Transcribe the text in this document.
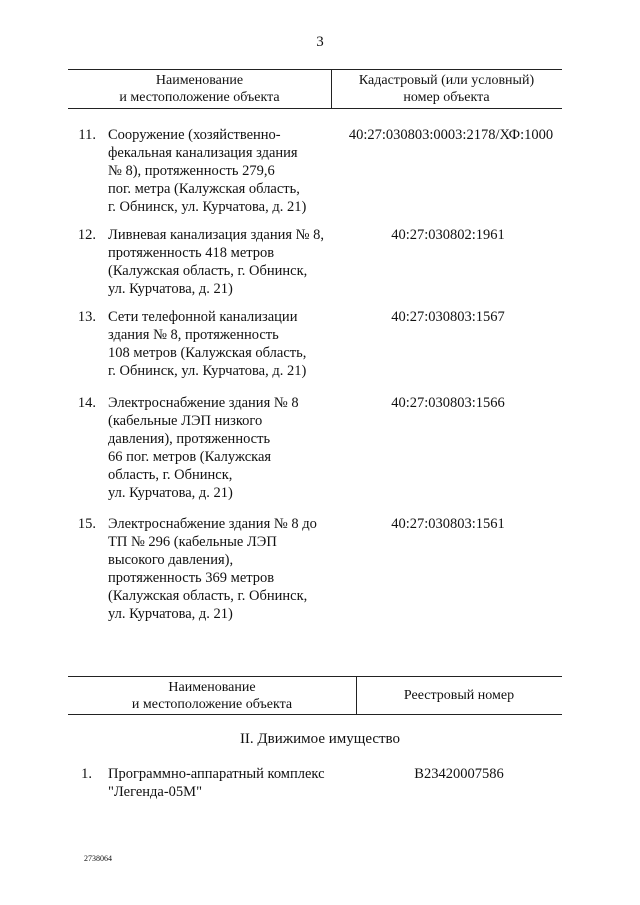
3
Наименование
и местоположение объекта
Кадастровый (или условный)
номер объекта
11. Сооружение (хозяйственно-
фекальная канализация здания
№ 8), протяженность 279,6
пог. метра (Калужская область,
г. Обнинск, ул. Курчатова, д. 21)
40:27:030803:0003:2178/ХФ:1000
12. Ливневая канализация здания № 8,
протяженность 418 метров
(Калужская область, г. Обнинск,
ул. Курчатова, д. 21)
40:27:030802:1961
13. Сети телефонной канализации
здания № 8, протяженность
108 метров (Калужская область,
г. Обнинск, ул. Курчатова, д. 21)
40:27:030803:1567
14. Электроснабжение здания № 8
(кабельные ЛЭП низкого
давления), протяженность
66 пог. метров (Калужская
область, г. Обнинск,
ул. Курчатова, д. 21)
40:27:030803:1566
15. Электроснабжение здания № 8 до
ТП № 296 (кабельные ЛЭП
высокого давления),
протяженность 369 метров
(Калужская область, г. Обнинск,
ул. Курчатова, д. 21)
40:27:030803:1561
Наименование
и местоположение объекта
Реестровый номер
II. Движимое имущество
1. Программно-аппаратный комплекс
"Легенда-05М"
В23420007586
2738064
